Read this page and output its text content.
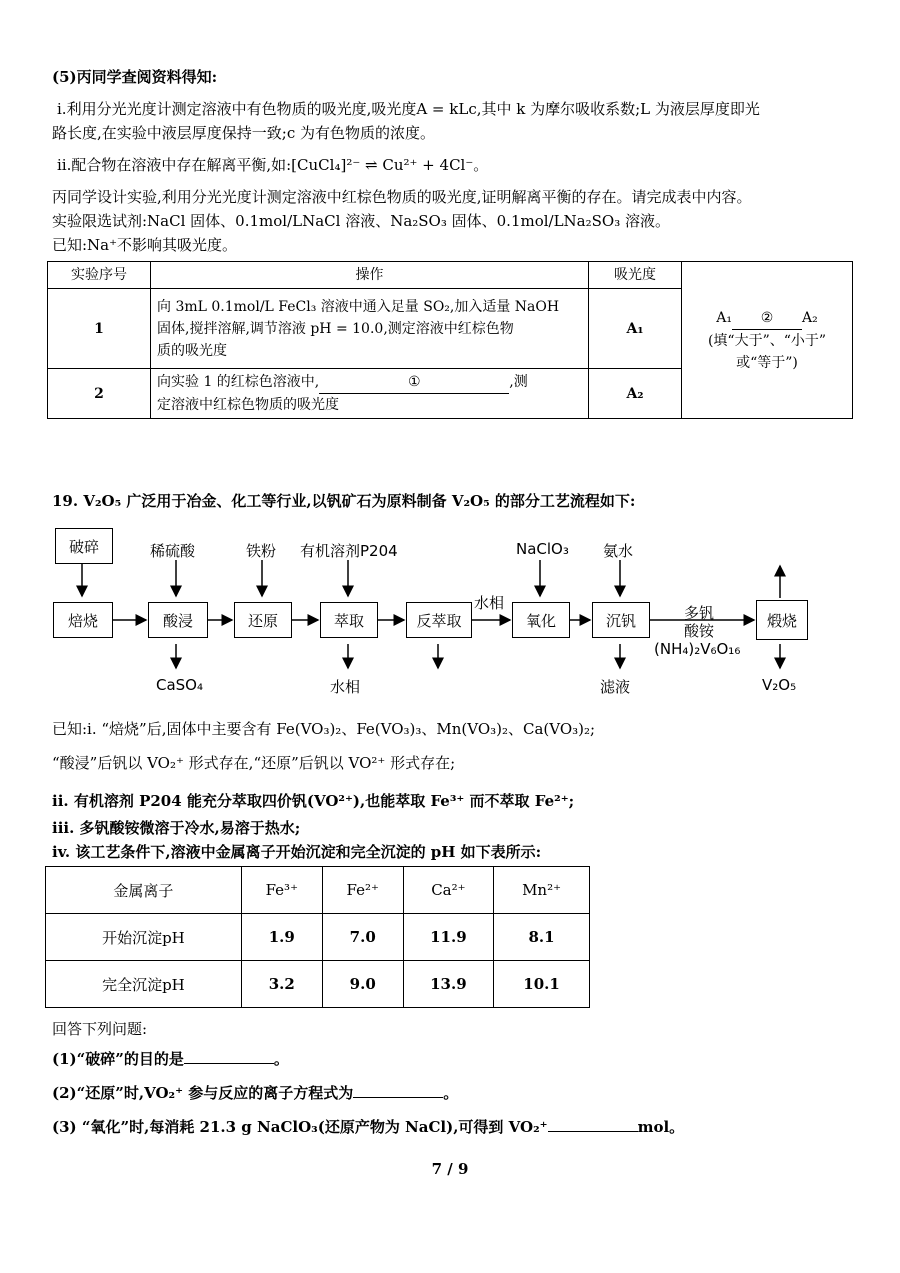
(5)丙同学查阅资料得知:
ⅰ.利用分光光度计测定溶液中有色物质的吸光度,吸光度A = kLc,其中 k 为摩尔吸收系数;L 为液层厚度即光
路长度,在实验中液层厚度保持一致;c 为有色物质的浓度。
ⅱ.配合物在溶液中存在解离平衡,如:[CuCl₄]²⁻ ⇌ Cu²⁺ + 4Cl⁻。
丙同学设计实验,利用分光光度计测定溶液中红棕色物质的吸光度,证明解离平衡的存在。请完成表中内容。
实验限选试剂:NaCl 固体、0.1mol/LNaCl 溶液、Na₂SO₃ 固体、0.1mol/LNa₂SO₃ 溶液。
已知:Na⁺不影响其吸光度。
实验序号	操作	吸光度	A₁ ② A₂
(填“大于”、“小于”
或“等于”)

1	向 3mL 0.1mol/L FeCl₃ 溶液中通入足量 SO₂,加入适量 NaOH
固体,搅拌溶解,调节溶液 pH = 10.0,测定溶液中红棕色物
质的吸光度	A₁	
2	向实验 1 的红棕色溶液中, ① ,测
定溶液中红棕色物质的吸光度	A₂	
19. V₂O₅ 广泛用于冶金、化工等行业,以钒矿石为原料制备 V₂O₅ 的部分工艺流程如下:
破碎
焙烧	酸浸	还原	萃取	反萃取	氧化	沉钒	煅烧
稀硫酸	铁粉 有机溶剂P204	NaClO₃ 氨水
水相
CaSO₄	水相	滤液	V₂O₅
多钒
酸铵
(NH₄)₂V₆O₁₆
已知:i. “焙烧”后,固体中主要含有 Fe(VO₃)₂、Fe(VO₃)₃、Mn(VO₃)₂、Ca(VO₃)₂;
“酸浸”后钒以 VO₂⁺ 形式存在,“还原”后钒以 VO²⁺ 形式存在;
ii. 有机溶剂 P204 能充分萃取四价钒(VO²⁺),也能萃取 Fe³⁺ 而不萃取 Fe²⁺;
iii. 多钒酸铵微溶于冷水,易溶于热水;
iv. 该工艺条件下,溶液中金属离子开始沉淀和完全沉淀的 pH 如下表所示:
金属离子	Fe³⁺	Fe²⁺	Ca²⁺	Mn²⁺
开始沉淀pH	1.9	7.0	11.9	8.1
完全沉淀pH	3.2	9.0	13.9	10.1
回答下列问题:
(1)“破碎”的目的是	。
(2)“还原”时,VO₂⁺ 参与反应的离子方程式为	。
(3) “氧化”时,每消耗 21.3 g NaClO₃(还原产物为 NaCl),可得到 VO₂⁺	mol。
7 / 9
